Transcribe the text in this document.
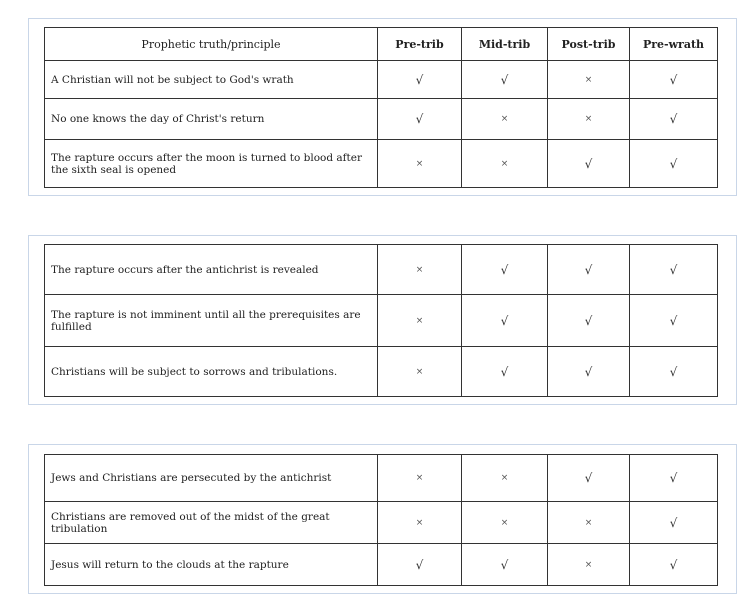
Prophetic truth/principle	Pre-trib	Mid-trib	Post-trib	Pre-wrath
A Christian will not be subject to God's wrath	√	√	×	√
No one knows the day of Christ's return	√	×	×	√
The rapture occurs after the moon is turned to blood after the sixth seal is opened	×	×	√	√
The rapture occurs after the antichrist is revealed	×	√	√	√
The rapture is not imminent until all the prerequisites are fulfilled	×	√	√	√
Christians will be subject to sorrows and tribulations.	×	√	√	√
Jews and Christians are persecuted by the antichrist	×	×	√	√
Christians are removed out of the midst of the great tribulation	×	×	×	√
Jesus will return to the clouds at the rapture	√	√	×	√
